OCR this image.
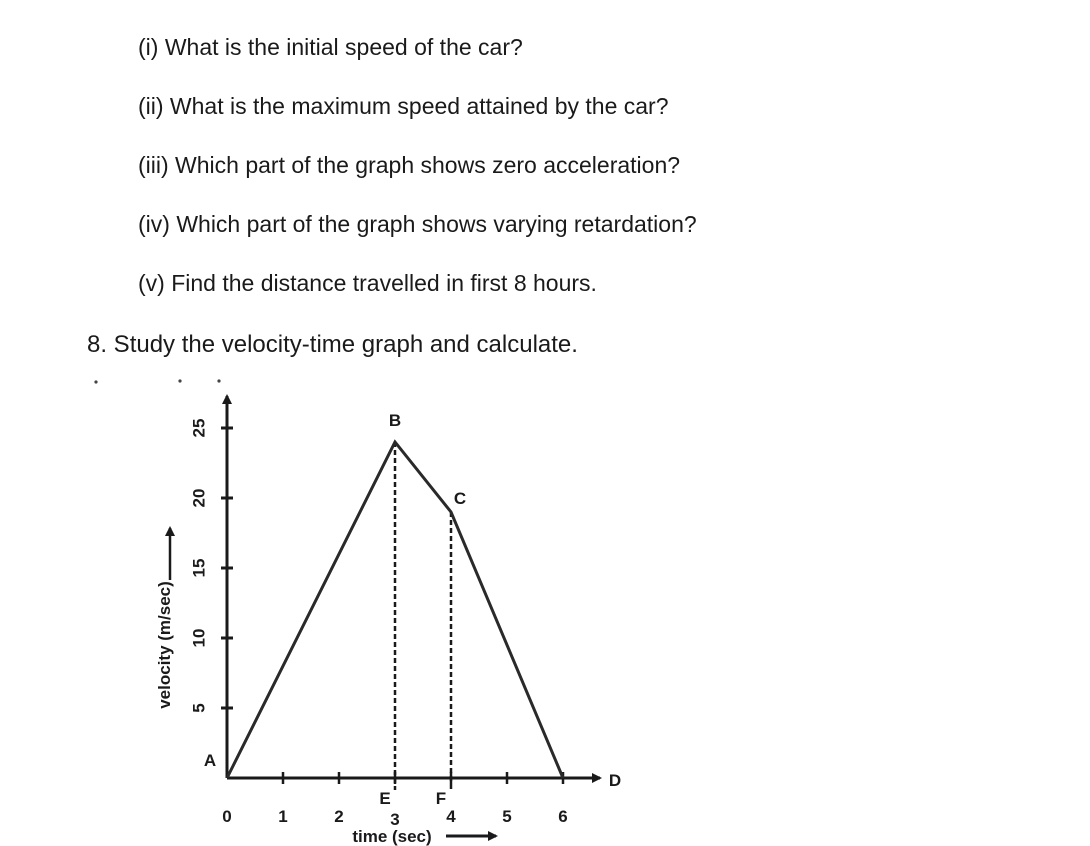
(i) What is the initial speed of the car?
(ii) What is the maximum speed attained by the car?
(iii) Which part of the graph shows zero acceleration?
(iv) Which part of the graph shows varying retardation?
(v) Find the distance travelled in first 8 hours.
8. Study the velocity-time graph and calculate.
5
10
15
20
25
0	1	2	3	4	5	6
E	F
A
B
C
D
velocity (m/sec)
time (sec)
